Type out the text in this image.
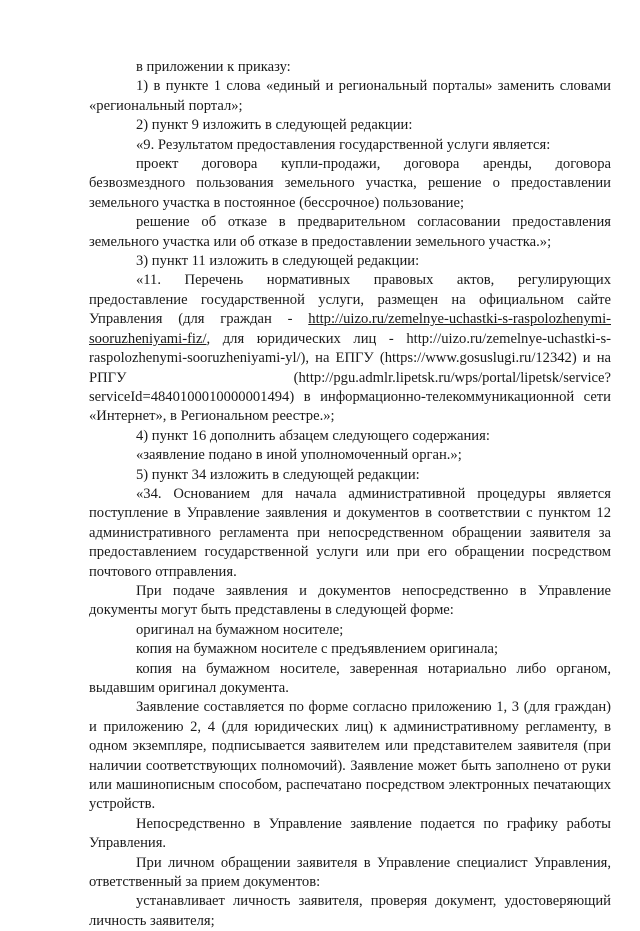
в приложении к приказу:

1) в пункте 1 слова «единый и региональный порталы» заменить словами «региональный портал»;

2) пункт 9 изложить в следующей редакции:

«9. Результатом предоставления государственной услуги является:

проект договора купли-продажи, договора аренды, договора безвозмездного пользования земельного участка, решение о предоставлении земельного участка в постоянное (бессрочное) пользование;

решение об отказе в предварительном согласовании предоставления земельного участка или об отказе в предоставлении земельного участка.»;

3) пункт 11 изложить в следующей редакции:

«11. Перечень нормативных правовых актов, регулирующих предоставление государственной услуги, размещен на официальном сайте Управления (для граждан - http://uizo.ru/zemelnye-uchastki-s-raspolozhenymi-sooruzheniyami-fiz/, для юридических лиц - http://uizo.ru/zemelnye-uchastki-s-raspolozhenymi-sooruzheniyami-yl/), на ЕПГУ (https://www.gosuslugi.ru/12342) и на РПГУ (http://pgu.admlr.lipetsk.ru/wps/portal/lipetsk/service?serviceId=4840100010000001494) в информационно-телекоммуникационной сети «Интернет», в Региональном реестре.»;

4) пункт 16 дополнить абзацем следующего содержания:

«заявление подано в иной уполномоченный орган.»;

5) пункт 34 изложить в следующей редакции:

«34. Основанием для начала административной процедуры является поступление в Управление заявления и документов в соответствии с пунктом 12 административного регламента при непосредственном обращении заявителя за предоставлением государственной услуги или при его обращении посредством почтового отправления.

При подаче заявления и документов непосредственно в Управление документы могут быть представлены в следующей форме:

оригинал на бумажном носителе;

копия на бумажном носителе с предъявлением оригинала;

копия на бумажном носителе, заверенная нотариально либо органом, выдавшим оригинал документа.

Заявление составляется по форме согласно приложению 1, 3 (для граждан) и приложению 2, 4 (для юридических лиц) к административному регламенту, в одном экземпляре, подписывается заявителем или представителем заявителя (при наличии соответствующих полномочий). Заявление может быть заполнено от руки или машинописным способом, распечатано посредством электронных печатающих устройств.

Непосредственно в Управление заявление подается по графику работы Управления.

При личном обращении заявителя в Управление специалист Управления, ответственный за прием документов:

устанавливает личность заявителя, проверяя документ, удостоверяющий личность заявителя;
